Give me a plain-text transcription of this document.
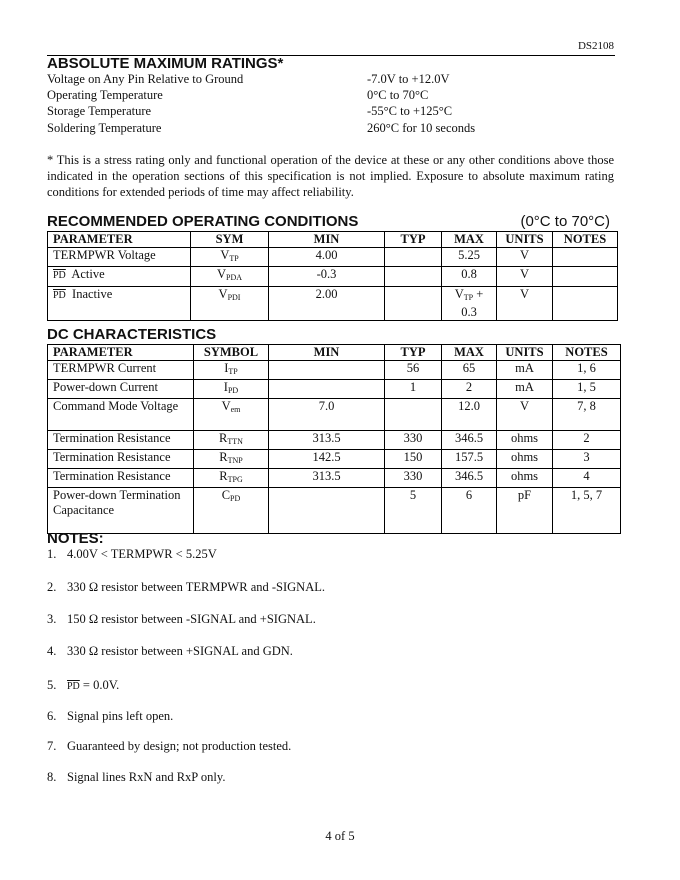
DS2108
ABSOLUTE MAXIMUM RATINGS*
Voltage on Any Pin Relative to Ground	-7.0V to +12.0V
Operating Temperature	0°C to 70°C
Storage Temperature	-55°C to +125°C
Soldering Temperature	260°C for 10 seconds
* This is a stress rating only and functional operation of the device at these or any other conditions above those indicated in the operation sections of this specification is not implied. Exposure to absolute maximum rating conditions for extended periods of time may affect reliability.
RECOMMENDED OPERATING CONDITIONS	(0°C to 70°C)
PARAMETER	SYM	MIN	TYP	MAX	UNITS	NOTES
TERMPWR Voltage	$V_{TP}$	4.00		5.25	V	
$\overline{PD}$ Active	$V_{PDA}$	-0.3		0.8	V	
$\overline{PD}$ Inactive	$V_{PDI}$	2.00		$V_{TP} + 0.3$	V	
DC CHARACTERISTICS
PARAMETER	SYMBOL	MIN	TYP	MAX	UNITS	NOTES
TERMPWR Current	$I_{TP}$		56	65	mA	1, 6
Power-down Current	$I_{PD}$		1	2	mA	1, 5
Command Mode Voltage	$V_{em}$	7.0		12.0	V	7, 8
Termination Resistance	$R_{TTN}$	313.5	330	346.5	ohms	2
Termination Resistance	$R_{TNP}$	142.5	150	157.5	ohms	3
Termination Resistance	$R_{TPG}$	313.5	330	346.5	ohms	4
Power-down Termination Capacitance	$C_{PD}$		5	6	pF	1, 5, 7
NOTES:
1. 4.00V < TERMPWR < 5.25V
2. 330 Ω resistor between TERMPWR and -SIGNAL.
3. 150 Ω resistor between -SIGNAL and +SIGNAL.
4. 330 Ω resistor between +SIGNAL and GDN.
5. $\overline{PD} = 0.0V$.
6. Signal pins left open.
7. Guaranteed by design; not production tested.
8. Signal lines RxN and RxP only.
4 of 5
